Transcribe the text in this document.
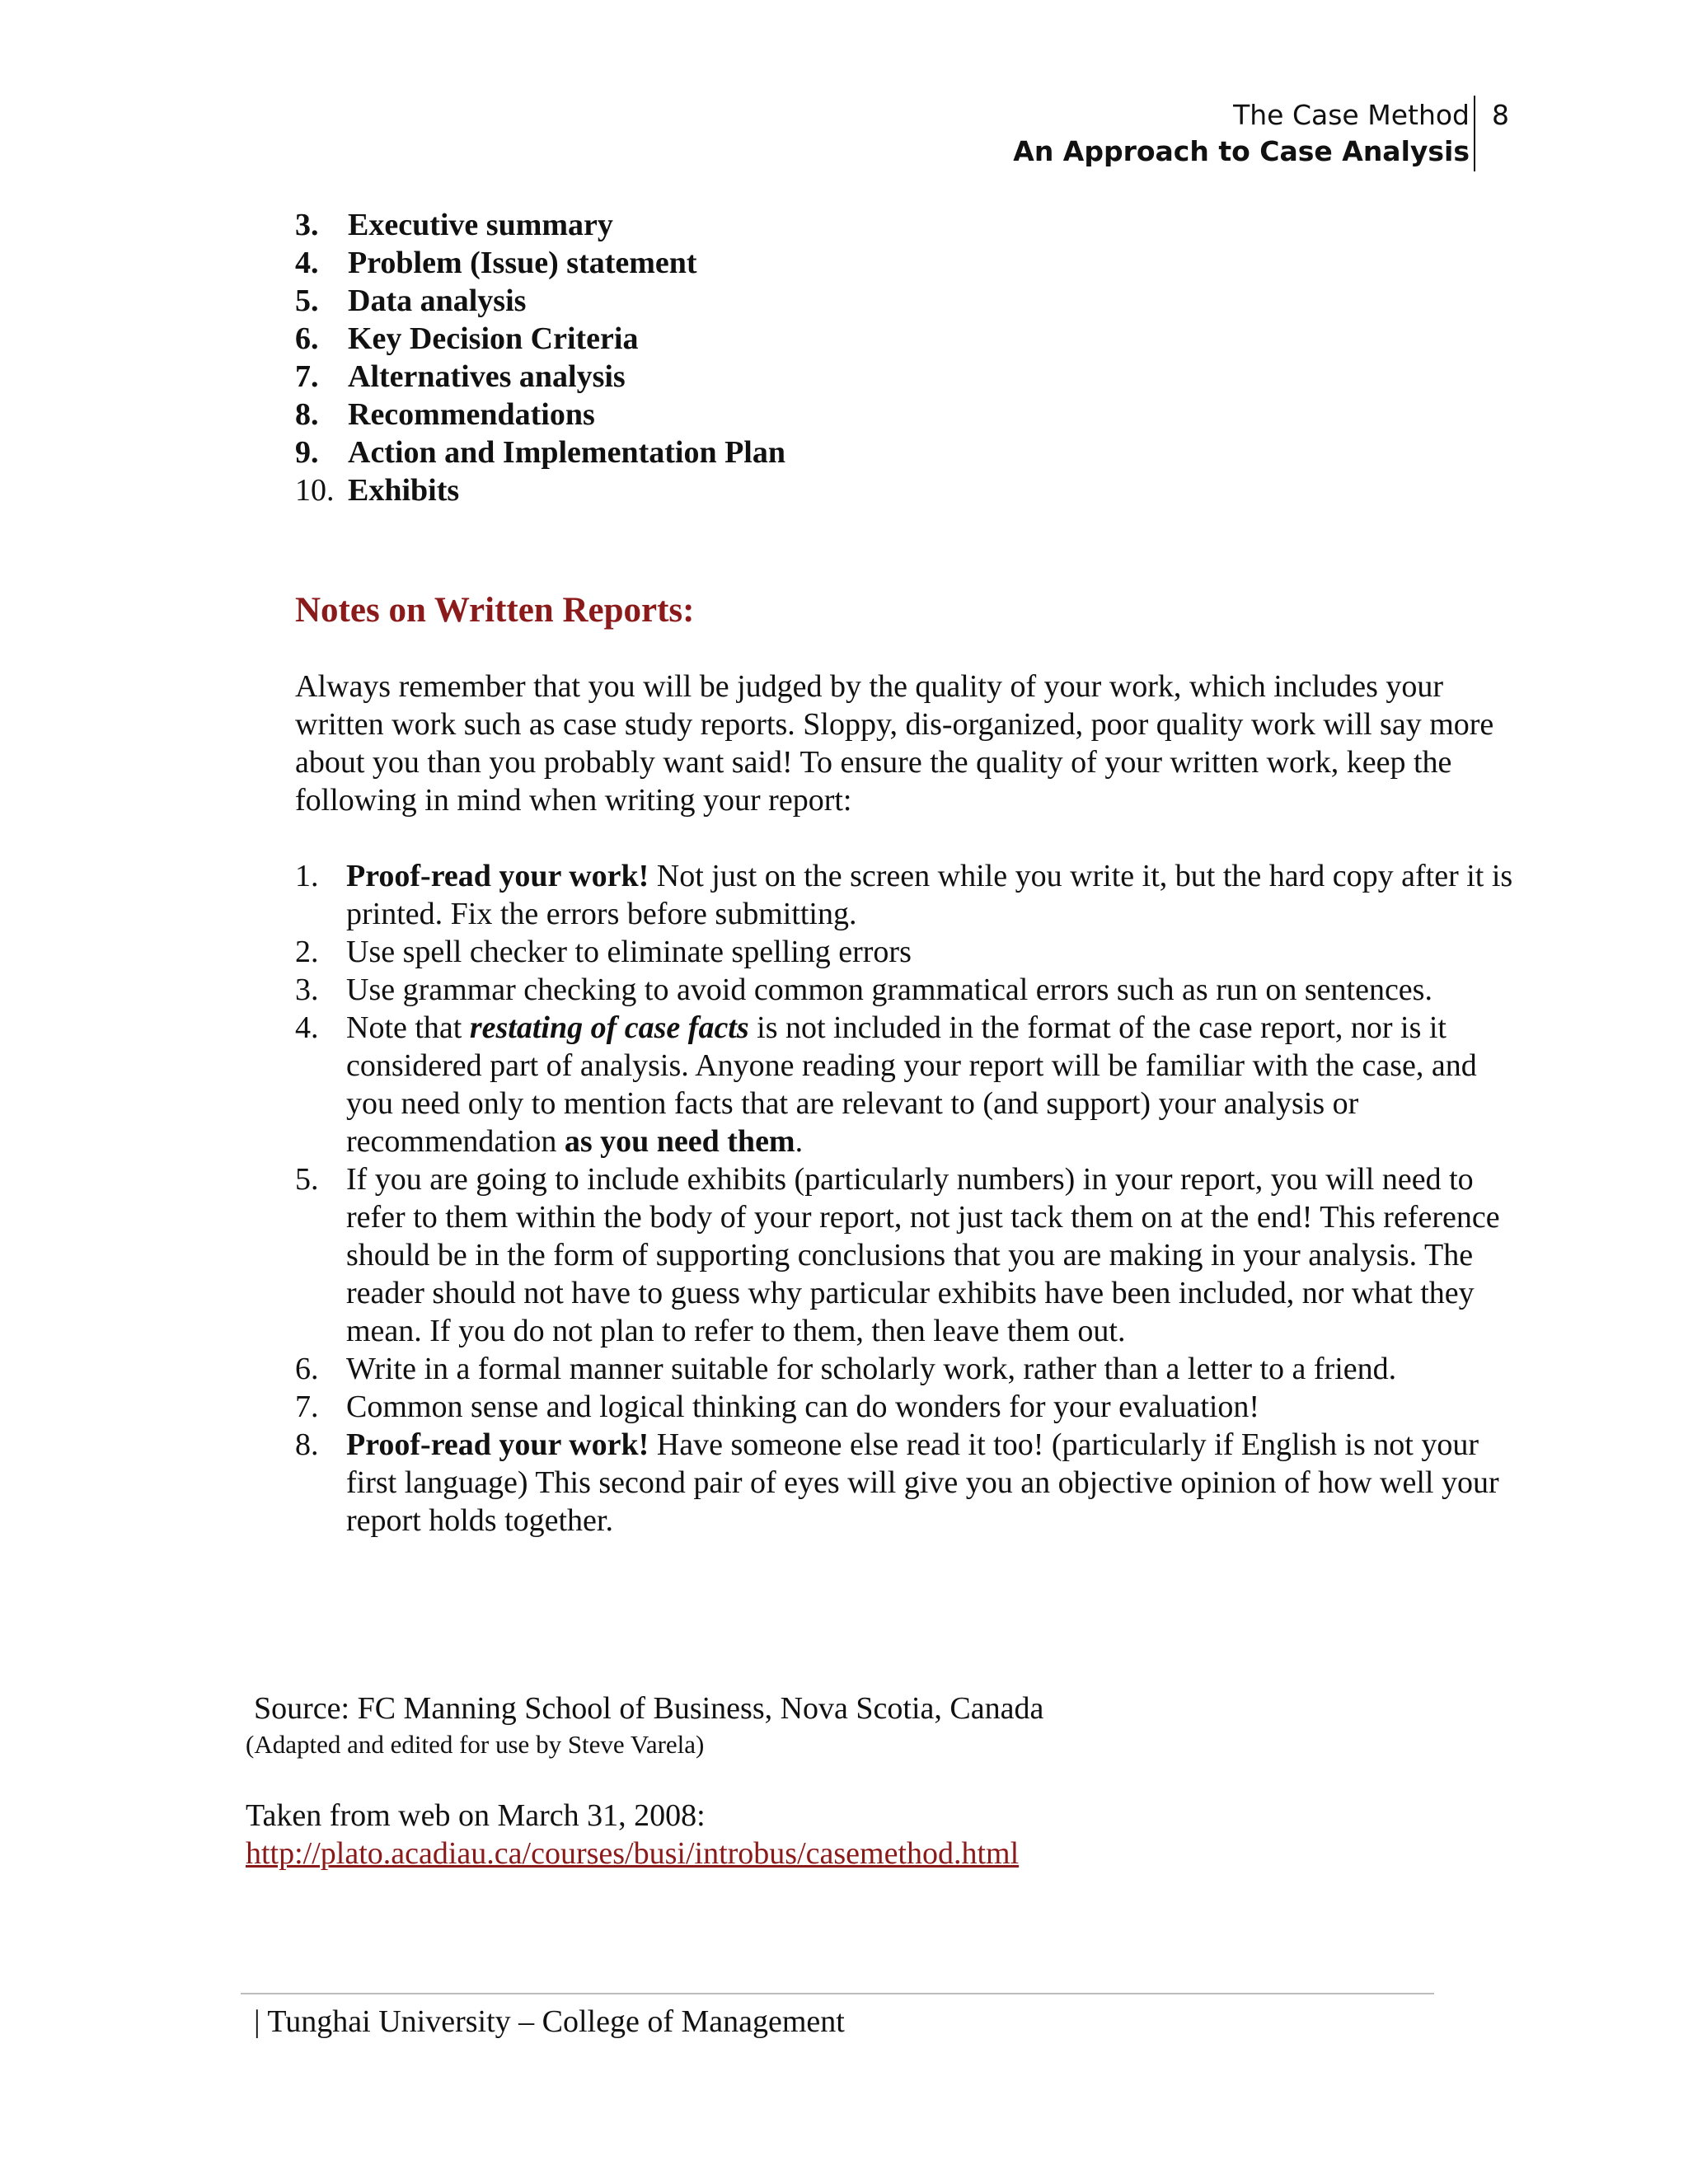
The Case Method
An Approach to Case Analysis
8
3. Executive summary
4. Problem (Issue) statement
5. Data analysis
6. Key Decision Criteria
7. Alternatives analysis
8. Recommendations
9. Action and Implementation Plan
10. Exhibits
Notes on Written Reports:

Always remember that you will be judged by the quality of your work, which includes your written work such as case study reports. Sloppy, dis-organized, poor quality work will say more about you than you probably want said! To ensure the quality of your written work, keep the following in mind when writing your report:

1. Proof-read your work! Not just on the screen while you write it, but the hard copy after it is printed. Fix the errors before submitting.
2. Use spell checker to eliminate spelling errors
3. Use grammar checking to avoid common grammatical errors such as run on sentences.
4. Note that restating of case facts is not included in the format of the case report, nor is it considered part of analysis. Anyone reading your report will be familiar with the case, and you need only to mention facts that are relevant to (and support) your analysis or recommendation as you need them.
5. If you are going to include exhibits (particularly numbers) in your report, you will need to refer to them within the body of your report, not just tack them on at the end! This reference should be in the form of supporting conclusions that you are making in your analysis. The reader should not have to guess why particular exhibits have been included, nor what they mean. If you do not plan to refer to them, then leave them out.
6. Write in a formal manner suitable for scholarly work, rather than a letter to a friend.
7. Common sense and logical thinking can do wonders for your evaluation!
8. Proof-read your work! Have someone else read it too! (particularly if English is not your first language) This second pair of eyes will give you an objective opinion of how well your report holds together.
Source: FC Manning School of Business, Nova Scotia, Canada
(Adapted and edited for use by Steve Varela)
Taken from web on March 31, 2008:
http://plato.acadiau.ca/courses/busi/introbus/casemethod.html
| Tunghai University – College of Management
